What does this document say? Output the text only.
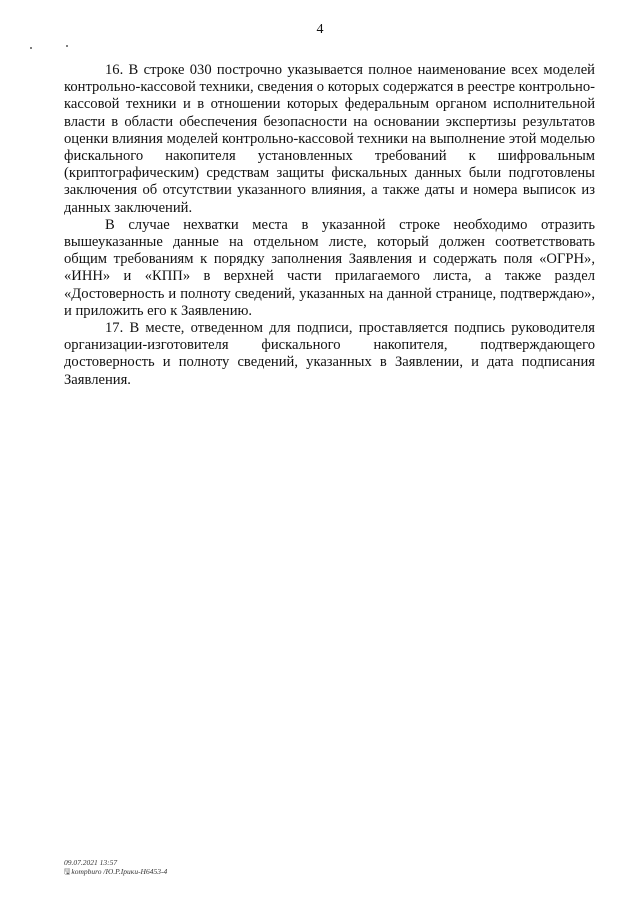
4

16. В строке 030 построчно указывается полное наименование всех моделей контрольно-кассовой техники, сведения о которых содержатся в реестре контрольно-кассовой техники и в отношении которых федеральным органом исполнительной власти в области обеспечения безопасности на основании экспертизы результатов оценки влияния моделей контрольно-кассовой техники на выполнение этой моделью фискального накопителя установленных требований к шифровальным (криптографическим) средствам защиты фискальных данных были подготовлены заключения об отсутствии указанного влияния, а также даты и номера выписок из данных заключений.

В случае нехватки места в указанной строке необходимо отразить вышеуказанные данные на отдельном листе, который должен соответствовать общим требованиям к порядку заполнения Заявления и содержать поля «ОГРН», «ИНН» и «КПП» в верхней части прилагаемого листа, а также раздел «Достоверность и полноту сведений, указанных на данной странице, подтверждаю», и приложить его к Заявлению.

17. В месте, отведенном для подписи, проставляется подпись руководителя организации-изготовителя фискального накопителя, подтверждающего достоверность и полноту сведений, указанных в Заявлении, и дата подписания Заявления.

09.07.2021 13:57
🖫kompburo /Ю.Р.Ірики-H6453-4
